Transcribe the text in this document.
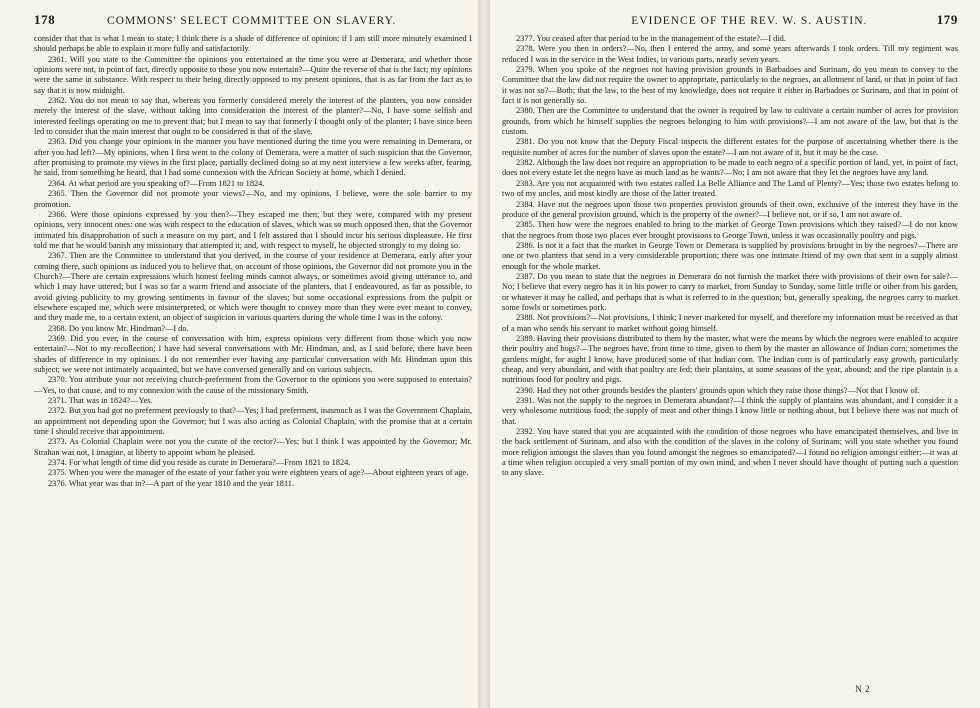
178	COMMONS' SELECT COMMITTEE ON SLAVERY.

consider that that is what I mean to state; I think there is a shade of difference of opinion; if I am still more minutely examined I should perhaps be able to explain it more fully and satisfactorily.

2361. Will you state to the Committee the opinions you entertained at the time you were at Demerara, and whether those opinions were not, in point of fact, directly opposite to those you now entertain?—Quite the reverse of that is the fact; my opinions were the same in substance. With respect to their being directly opposed to my present opinions, that is as far from the fact as to say that it is now midnight.

2362. You do not mean to say that, whereas you formerly considered merely the interest of the planters, you now consider merely the interest of the slave, without taking into consideration the interest of the planter?—No, I have some selfish and interested feelings operating on me to prevent that; but I mean to say that formerly I thought only of the planter; I have since been led to consider that the main interest that ought to be considered is that of the slave.

2363. Did you change your opinions in the manner you have mentioned during the time you were remaining in Demerara, or after you had left?—My opinions, when I first went to the colony of Demerara, were a matter of such suspicion that the Governor, after promising to promote my views in the first place, partially declined doing so at my next interview a few weeks after, fearing, he said, from something he heard, that I had some connexion with the African Society at home, which I denied.

2364. At what period are you speaking of?—From 1821 to 1824.

2365. Then the Governor did not promote your views?—No, and my opinions, I believe, were the sole barrier to my promotion.

2366. Were those opinions expressed by you then?—They escaped me then; but they were, compared with my present opinions, very innocent ones: one was with respect to the education of slaves, which was so much opposed then, that the Governor intimated his disapprobation of such a measure on my part, and I felt assured that I should incur his serious displeasure. He first told me that he would banish any missionary that attempted it; and, with respect to myself, he objected strongly to my doing so.

2367. Then are the Committee to understand that you derived, in the course of your residence at Demerara, early after your coming there, such opinions as induced you to believe that, on account of those opinions, the Governor did not promote you in the Church?—There are certain expressions which honest feeling minds cannot always, or sometimes avoid giving utterance to, and which I may have uttered; but I was so far a warm friend and associate of the planters, that I endeavoured, as far as possible, to avoid giving publicity to my growing sentiments in favour of the slaves; but some occasional expressions from the pulpit or elsewhere escaped me, which were misinterpreted, or which were thought to convey more than they were ever meant to convey, and they made me, to a certain extent, an object of suspicion in various quarters during the whole time I was in the colony.

2368. Do you know Mr. Hindman?—I do.

2369. Did you ever, in the course of conversation with him, express opinions very different from those which you now entertain?—Not to my recollection; I have had several conversations with Mr. Hindman, and, as I said before, there have been shades of difference in my opinions. I do not remember ever having any particular conversation with Mr. Hindman upon this subject; we were not intimately acquainted, but we have conversed generally and on various subjects.

2370. You attribute your not receiving church-preferment from the Governor to the opinions you were supposed to entertain?—Yes, to that cause, and to my connexion with the cause of the missionary Smith.

2371. That was in 1824?—Yes.

2372. But you had got no preferment previously to that?—Yes; I had preferment, inasmuch as I was the Government Chaplain, an appointment not depending upon the Governor; but I was also acting as Colonial Chaplain, with the promise that at a certain time I should receive that appointment.

2373. As Colonial Chaplain were not you the curate of the rector?—Yes; but I think I was appointed by the Governor; Mr. Strahan was not, I imagine, at liberty to appoint whom he pleased.

2374. For what length of time did you reside as curate in Demerara?—From 1821 to 1824.

2375. When you were the manager of the estate of your father you were eighteen years of age?—About eighteen years of age.

2376. What year was that in?—A part of the year 1810 and the year 1811.

EVIDENCE OF THE REV. W. S. AUSTIN.	179

2377. You ceased after that period to be in the management of the estate?—I did.

2378. Were you then in orders?—No, then I entered the army, and some years afterwards I took orders. Till my regiment was reduced I was in the service in the West Indies, in various parts, nearly seven years.

2379. When you spoke of the negroes not having provision grounds in Barbadoes and Surinam, do you mean to convey to the Committee that the law did not require the owner to appropriate, particularly to the negroes, an allotment of land, or that in point of fact it was not so?—Both; that the law, to the best of my knowledge, does not require it either in Barbadoes or Surinam, and that in point of fact it is not generally so.

2380. Then are the Committee to understand that the owner is required by law to cultivate a certain number of acres for provision grounds, from which he himself supplies the negroes belonging to him with provisions?—I am not aware of the law, but that is the custom.

2381. Do you not know that the Deputy Fiscal inspects the different estates for the purpose of ascertaining whether there is the requisite number of acres for the number of slaves upon the estate?—I am not aware of it, but it may be the case.

2382. Although the law does not require an appropriation to be made to each negro of a specific portion of land, yet, in point of fact, does not every estate let the negro have as much land as he wants?—No; I am not aware that they let the negroes have any land.

2383. Are you not acquainted with two estates called La Belle Alliance and The Land of Plenty?—Yes; those two estates belong to two of my uncles, and most kindly are those of the latter treated.

2384. Have not the negroes upon those two properties provision grounds of their own, exclusive of the interest they have in the produce of the general provision ground, which is the property of the owner?—I believe not, or if so, I am not aware of.

2385. Then how were the negroes enabled to bring to the market of George Town provisions which they raised?—I do not know that the negroes from those two places ever brought provisions to George Town, unless it was occasionally poultry and pigs.

2386. Is not it a fact that the market in George Town or Demerara is supplied by provisions brought in by the negroes?—There are one or two planters that send in a very considerable proportion; there was one intimate friend of my own that sent in a supply almost enough for the whole market.

2387. Do you mean to state that the negroes in Demerara do not furnish the market there with provisions of their own for sale?—No; I believe that every negro has it in his power to carry to market, from Sunday to Sunday, some little trifle or other from his garden, or whatever it may be called, and perhaps that is what is referred to in the question; but, generally speaking, the negroes carry to market some fowls or sometimes pork.

2388. Not provisions?—Not provisions, I think; I never marketed for myself, and therefore my information must be received as that of a man who sends his servant to market without going himself.

2389. Having their provisions distributed to them by the master, what were the means by which the negroes were enabled to acquire their poultry and hogs?—The negroes have, from time to time, given to them by the master an allowance of Indian corn; sometimes the gardens might, for aught I know, have produced some of that Indian corn. The Indian corn is of particularly easy growth, particularly cheap, and very abundant, and with that poultry are fed; their plantains, at some seasons of the year, abound; and the ripe plantain is a nutritious food for poultry and pigs.

2390. Had they not other grounds besides the planters' grounds upon which they raise those things?—Not that I know of.

2391. Was not the supply to the negroes in Demerara abundant?—I think the supply of plantains was abundant, and I consider it a very wholesome nutritious food; the supply of meat and other things I know little or nothing about, but I believe there was not much of that.

2392. You have stated that you are acquainted with the condition of those negroes who have emancipated themselves, and live in the back settlement of Surinam, and also with the condition of the slaves in the colony of Surinam; will you state whether you found more religion amongst the slaves than you found amongst the negroes so emancipated?—I found no religion amongst either;—it was at a time when religion occupied a very small portion of my own mind, and when I never should have thought of putting such a question to any slave.

N 2
